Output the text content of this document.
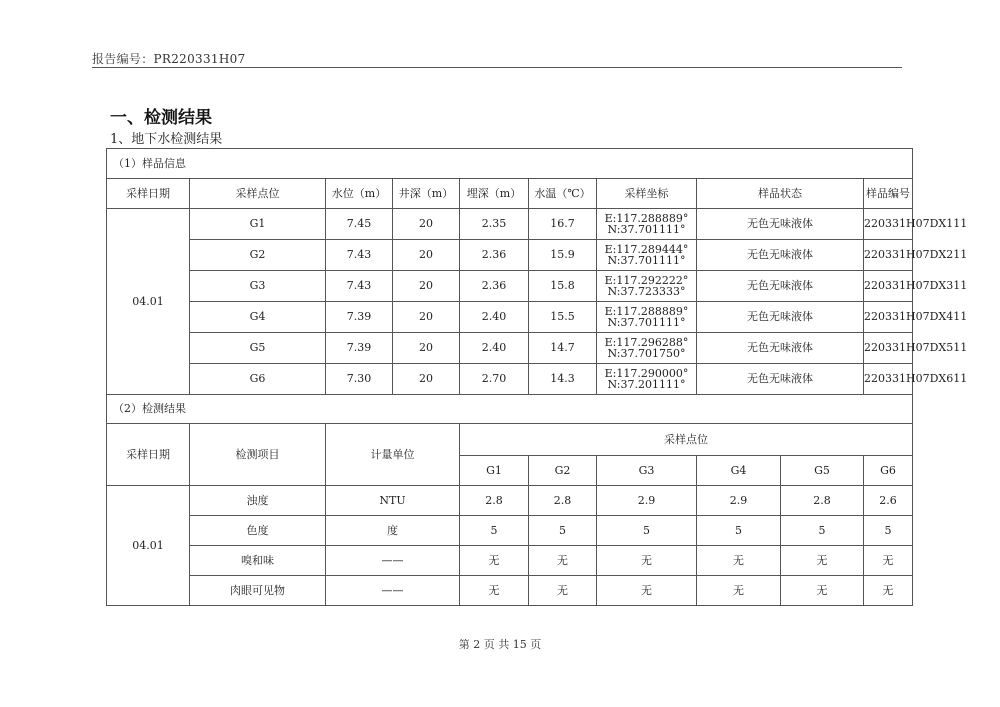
报告编号：PR220331H07
一、检测结果
1、地下水检测结果
（1）样品信息									
采样日期	采样点位	水位（m）	井深（m）	埋深（m）	水温（℃）	采样坐标	样品状态		样品编号
04.01	G1	7.45	20	2.35	16.7	E:117.288889°
N:37.701111°	无色无味液体		220331H07DX111
	G2	7.43	20	2.36	15.9	E:117.289444°
N:37.701111°	无色无味液体		220331H07DX211
	G3	7.43	20	2.36	15.8	E:117.292222°
N:37.723333°	无色无味液体		220331H07DX311
	G4	7.39	20	2.40	15.5	E:117.288889°
N:37.701111°	无色无味液体		220331H07DX411
	G5	7.39	20	2.40	14.7	E:117.296288°
N:37.701750°	无色无味液体		220331H07DX511
	G6	7.30	20	2.70	14.3	E:117.290000°
N:37.201111°	无色无味液体		220331H07DX611
（2）检测结果									
采样日期	检测项目	计量单位		采样点位					
				G1	G2	G3	G4	G5	G6
04.01	浊度	NTU		2.8	2.8	2.9	2.9	2.8	2.6
	色度	度		5	5	5	5	5	5
	嗅和味	——		无	无	无	无	无	无
	肉眼可见物	——		无	无	无	无	无	无
第 2 页 共 15 页
